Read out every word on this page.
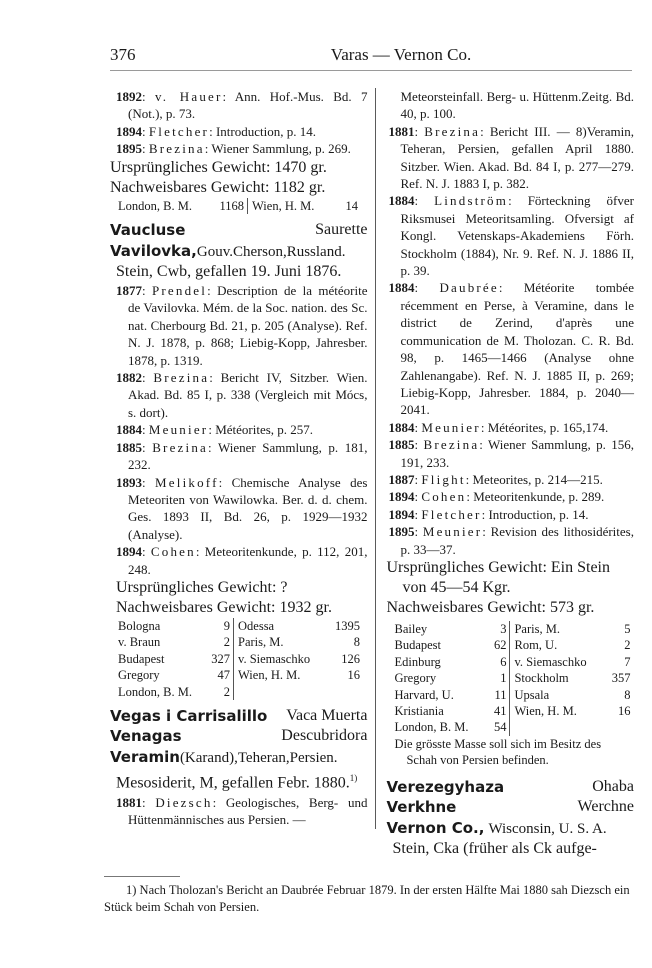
376	Varas — Vernon Co.
1892: v. Hauer: Ann. Hof.-Mus. Bd. 7 (Not.), p. 73.
1894: Fletcher: Introduction, p. 14.
1895: Brezina: Wiener Sammlung, p. 269.
Ursprüngliches Gewicht: 1470 gr.
Nachweisbares Gewicht: 1182 gr.
London, B. M.	1168	Wien, H. M.	14
Vaucluse	Saurette
Vavilovka,Gouv.Cherson,Russland.
Stein, Cwb, gefallen 19. Juni 1876.
1877: Prendel: Description de la météorite de Vavilovka. Mém. de la Soc. nation. des Sc. nat. Cherbourg Bd. 21, p. 205 (Analyse). Ref. N. J. 1878, p. 868; Liebig-Kopp, Jahresber. 1878, p. 1319.
1882: Brezina: Bericht IV, Sitzber. Wien. Akad. Bd. 85 I, p. 338 (Vergleich mit Mócs, s. dort).
1884: Meunier: Météorites, p. 257.
1885: Brezina: Wiener Sammlung, p. 181, 232.
1893: Melikoff: Chemische Analyse des Meteoriten von Wawilowka. Ber. d. d. chem. Ges. 1893 II, Bd. 26, p. 1929—1932 (Analyse).
1894: Cohen: Meteoritenkunde, p. 112, 201, 248.
Ursprüngliches Gewicht: ?
Nachweisbares Gewicht: 1932 gr.
Bologna	9	Odessa	1395
v. Braun	2	Paris, M.	8
Budapest	327	v. Siemaschko	126
Gregory	47	Wien, H. M.	16
London, B. M.	2		
Vegas i Carrisalillo Vaca Muerta
Venagas	Descubridora
Veramin(Karand),Teheran,Persien.
Mesosiderit, M, gefallen Febr. 1880.$^{1)}$
1881: Diezsch: Geologisches, Berg- und Hüttenmännisches aus Persien. —
Meteorsteinfall. Berg- u. Hüttenm.Zeitg. Bd. 40, p. 100.
1881: Brezina: Bericht III. — 8)Veramin, Teheran, Persien, gefallen April 1880. Sitzber. Wien. Akad. Bd. 84 I, p. 277—279. Ref. N. J. 1883 I, p. 382.
1884: Lindström: Förteckning öfver Riksmusei Meteoritsamling. Ofversigt af Kongl. Vetenskaps-Akademiens Förh. Stockholm (1884), Nr. 9. Ref. N. J. 1886 II, p. 39.
1884: Daubrée: Météorite tombée récemment en Perse, à Veramine, dans le district de Zerind, d'après une communication de M. Tholozan. C. R. Bd. 98, p. 1465—1466 (Analyse ohne Zahlenangabe). Ref. N. J. 1885 II, p. 269; Liebig-Kopp, Jahresber. 1884, p. 2040—2041.
1884: Meunier: Météorites, p. 165,174.
1885: Brezina: Wiener Sammlung, p. 156, 191, 233.
1887: Flight: Meteorites, p. 214—215.
1894: Cohen: Meteoritenkunde, p. 289.
1894: Fletcher: Introduction, p. 14.
1895: Meunier: Revision des lithosidérites, p. 33—37.
Ursprüngliches Gewicht: Ein Stein
von 45—54 Kgr.
Nachweisbares Gewicht: 573 gr.
Bailey	3	Paris, M.	5
Budapest	62	Rom, U.	2
Edinburg	6	v. Siemaschko	7
Gregory	1	Stockholm	357
Harvard, U.	11	Upsala	8
Kristiania	41	Wien, H. M.	16
London, B. M.	54		
Die grösste Masse soll sich im Besitz des Schah von Persien befinden.
Verezegyhaza	Ohaba
Verkhne	Werchne
Vernon Co., Wisconsin, U. S. A.
Stein, Cka (früher als Ck aufge-
1) Nach Tholozan's Bericht an Daubrée Februar 1879. In der ersten Hälfte Mai 1880 sah Diezsch ein Stück beim Schah von Persien.
